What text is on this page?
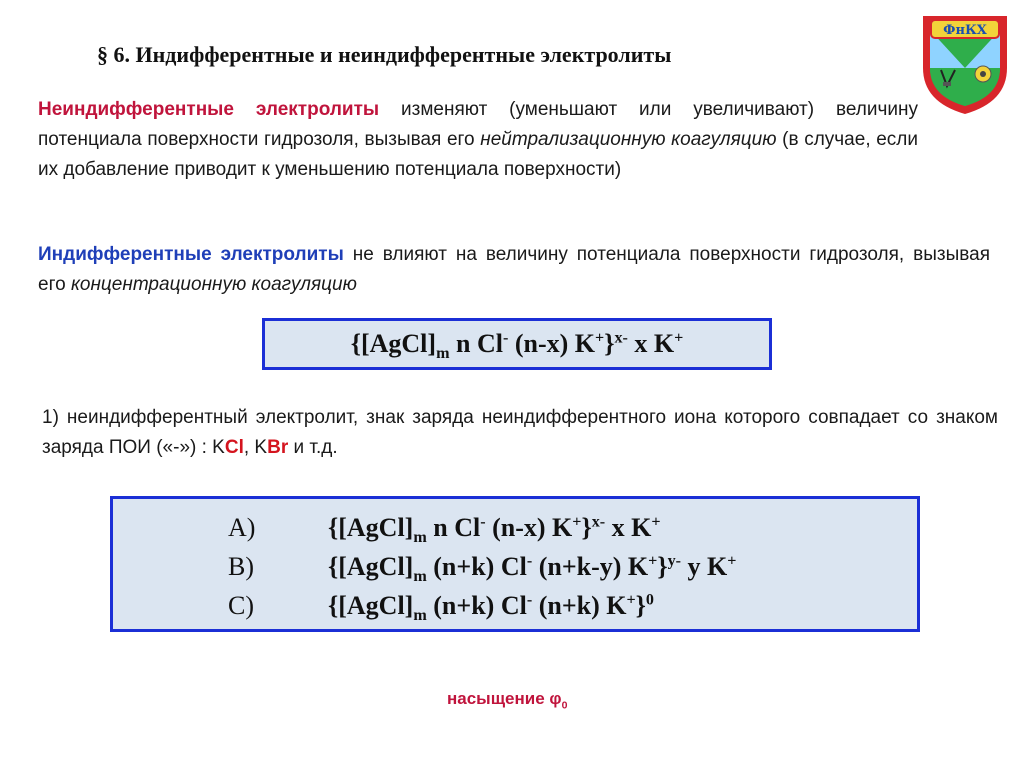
§ 6. Индифферентные и неиндифферентные электролиты
ФнКХ
Неиндифферентные электролиты изменяют (уменьшают или увеличивают) величину потенциала поверхности гидрозоля, вызывая его нейтрализационную коагуляцию (в случае, если их добавление приводит к уменьшению потенциала поверхности)
Индифферентные электролиты не влияют на величину потенциала поверхности гидрозоля, вызывая его концентрационную коагуляцию
{$[AgCl]_m$ n Cl- (n-x) K+}$^{x-}$ x K+
1) неиндифферентный электролит, знак заряда неиндифферентного иона которого совпадает со знаком заряда ПОИ («-») : KCl, KBr и т.д.
A)	{$[AgCl]_m$ n Cl- (n-x) K+}$^{x-}$ x K+
B)	{$[AgCl]_m$ (n+k) Cl- (n+k-y) K+}$^{y-}$ y K+
C)	{$[AgCl]_m$ (n+k) Cl- (n+k) K+}$^0$
насыщение $\varphi_0$
